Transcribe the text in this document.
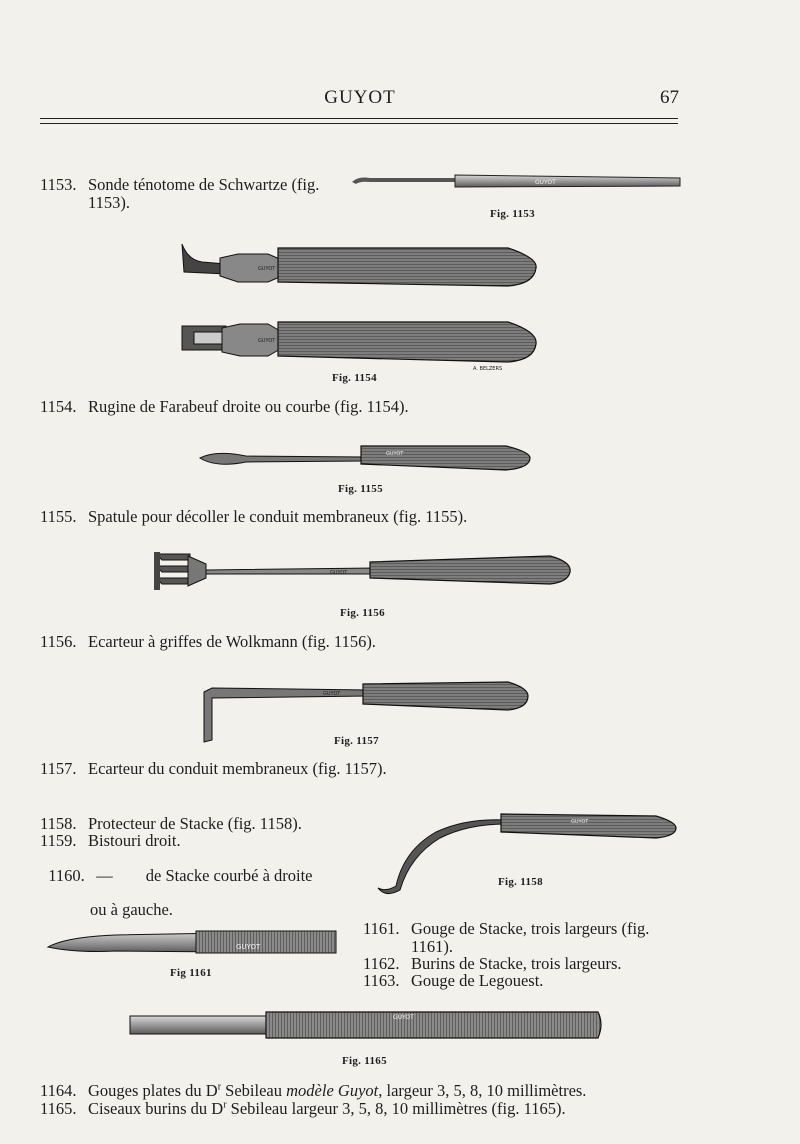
GUYOT	67
1153. Sonde ténotome de Schwartze (fig.
1153).
GUYOT
Fig. 1153
GUYOT
GUYOT
A. BELZERS
Fig. 1154
1154. Rugine de Farabeuf droite ou courbe (fig. 1154).
GUYOT
Fig. 1155
1155. Spatule pour décoller le conduit membraneux (fig. 1155).
GUYOT
Fig. 1156
1156. Ecarteur à griffes de Wolkmann (fig. 1156).
GUYOT
Fig. 1157
1157. Ecarteur du conduit membraneux (fig. 1157).
1158. Protecteur de Stacke (fig. 1158).
1159. Bistouri droit.

1160. —        de Stacke courbé à droite

ou à gauche.

GUYOT
Fig. 1158
GUYOT
Fig 1161
1161. Gouge de Stacke, trois largeurs (fig.
1161).
1162. Burins de Stacke, trois largeurs.
1163. Gouge de Legouest.
GUYOT
Fig. 1165
1164. Gouges plates du $D^r$ Sebileau modèle Guyot, largeur 3, 5, 8, 10 millimètres.
1165. Ciseaux burins du $D^r$ Sebileau largeur 3, 5, 8, 10 millimètres (fig. 1165).
